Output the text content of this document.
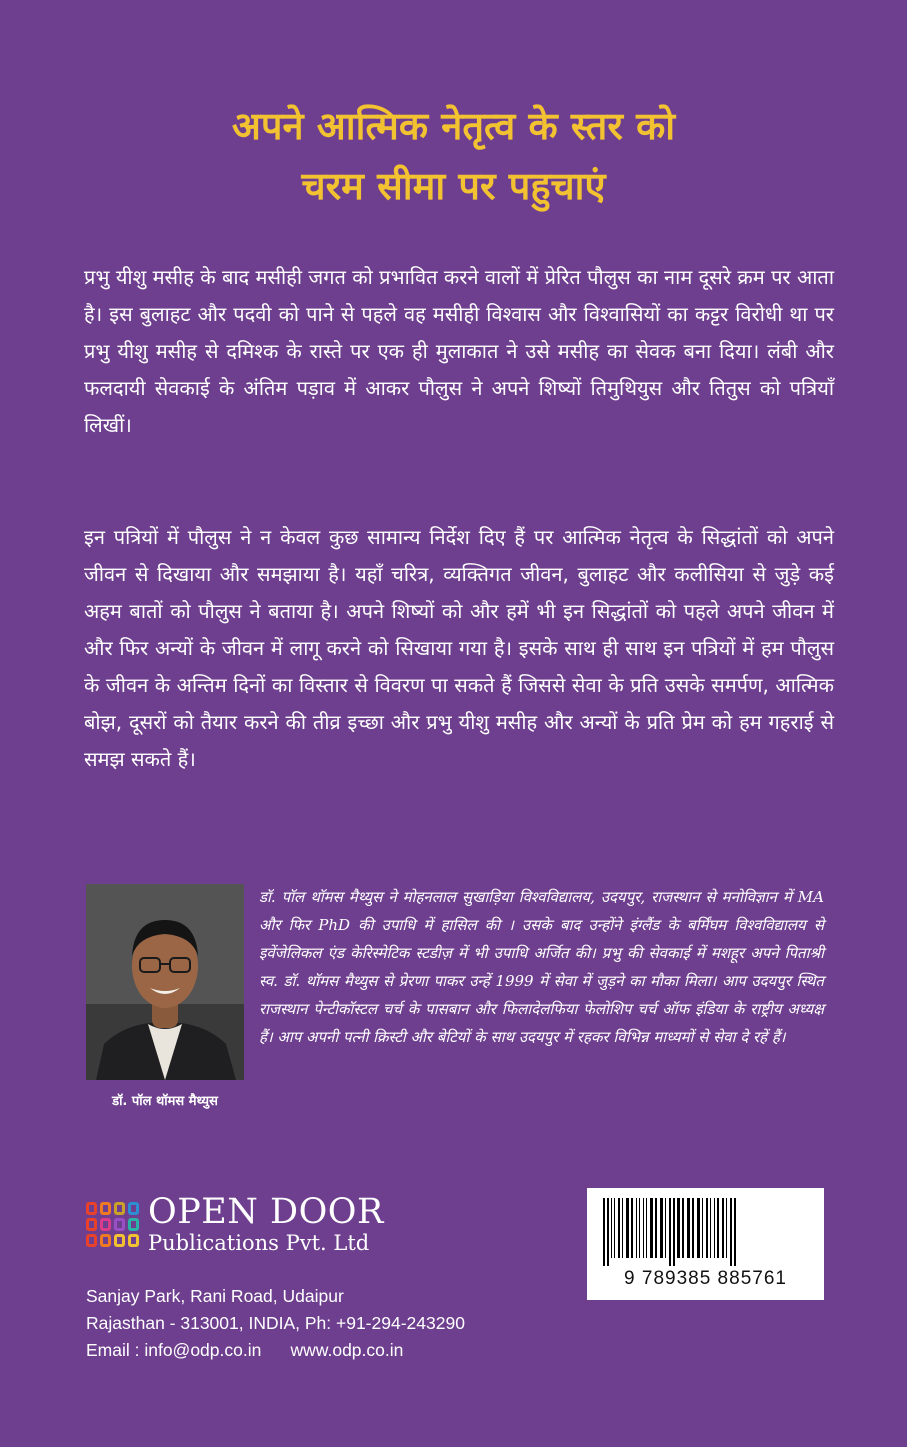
अपने आत्मिक नेतृत्व के स्तर को
चरम सीमा पर पहुचाएं

प्रभु यीशु मसीह के बाद मसीही जगत को प्रभावित करने वालों में प्रेरित पौलुस का नाम दूसरे क्रम पर आता है। इस बुलाहट और पदवी को पाने से पहले वह मसीही विश्वास और विश्वासियों का कट्टर विरोधी था पर प्रभु यीशु मसीह से दमिश्क के रास्ते पर एक ही मुलाकात ने उसे मसीह का सेवक बना दिया। लंबी और फलदायी सेवकाई के अंतिम पड़ाव में आकर पौलुस ने अपने शिष्यों तिमुथियुस और तितुस को पत्रियाँ लिखीं।

इन पत्रियों में पौलुस ने न केवल कुछ सामान्य निर्देश दिए हैं पर आत्मिक नेतृत्व के सिद्धांतों को अपने जीवन से दिखाया और समझाया है। यहाँ चरित्र, व्यक्तिगत जीवन, बुलाहट और कलीसिया से जुड़े कई अहम बातों को पौलुस ने बताया है। अपने शिष्यों को और हमें भी इन सिद्धांतों को पहले अपने जीवन में और फिर अन्यों के जीवन में लागू करने को सिखाया गया है। इसके साथ ही साथ इन पत्रियों में हम पौलुस के जीवन के अन्तिम दिनों का विस्तार से विवरण पा सकते हैं जिससे सेवा के प्रति उसके समर्पण, आत्मिक बोझ, दूसरों को तैयार करने की तीव्र इच्छा और प्रभु यीशु मसीह और अन्यों के प्रति प्रेम को हम गहराई से समझ सकते हैं।

डॉ. पॉल थॉमस मैथ्युस

डॉ. पॉल थॉमस मैथ्युस ने मोहनलाल सुखाड़िया विश्वविद्यालय, उदयपुर, राजस्थान से मनोविज्ञान में MA और फिर PhD की उपाधि में हासिल की । उसके बाद उन्होंने इंग्लैंड के बर्मिंघम विश्वविद्यालय से इवेंजेलिकल एंड केरिस्मेटिक स्टडीज़ में भी उपाधि अर्जित की। प्रभु की सेवकाई में मशहूर अपने पिताश्री स्व. डॉ. थॉमस मैथ्युस से प्रेरणा पाकर उन्हें 1999 में सेवा में जुड़ने का मौका मिला। आप उदयपुर स्थित राजस्थान पेन्टीकॉस्टल चर्च के पासबान और फिलादेलफिया फेलोशिप चर्च ऑफ इंडिया के राष्ट्रीय अध्यक्ष हैं। आप अपनी पत्नी क्रिस्टी और बेटियों के साथ उदयपुर में रहकर विभिन्न माध्यमों से सेवा दे रहें हैं।

OPEN DOOR
Publications Pvt. Ltd
Sanjay Park, Rani Road, Udaipur
Rajasthan - 313001, INDIA, Ph: +91-294-243290
Email : info@odp.co.in      www.odp.co.in
9 789385 885761
